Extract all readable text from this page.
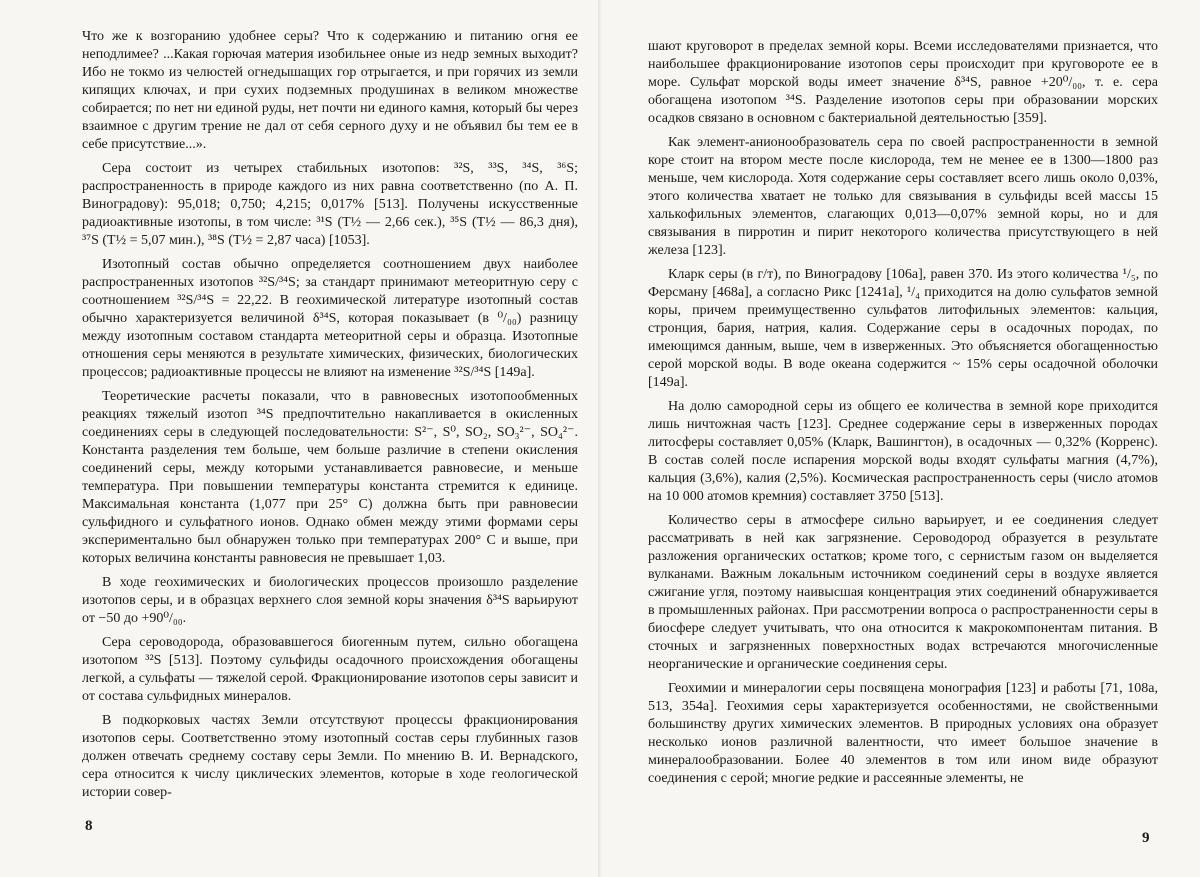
Что же к возгоранию удобнее серы? Что к содержанию и питанию огня ее неподлимее? ...Какая горючая материя изобильнее оные из недр земных выходит? Ибо не токмо из челюстей огнедышащих гор отрыгается, и при горячих из земли кипящих ключах, и при сухих подземных продушинах в великом множестве собирается; по нет ни единой руды, нет почти ни единого камня, который бы через взаимное с другим трение не дал от себя серного духу и не объявил бы тем ее в себе присутствие...».

Сера состоит из четырех стабильных изотопов: ³²S, ³³S, ³⁴S, ³⁶S; распространенность в природе каждого из них равна соответственно (по А. П. Виноградову): 95,018; 0,750; 4,215; 0,017% [513]. Получены искусственные радиоактивные изотопы, в том числе: ³¹S (T½ — 2,66 сек.), ³⁵S (T½ — 86,3 дня), ³⁷S (T½ = 5,07 мин.), ³⁸S (T½ = 2,87 часа) [1053].

Изотопный состав обычно определяется соотношением двух наиболее распространенных изотопов ³²S/³⁴S; за стандарт принимают метеоритную серу с соотношением ³²S/³⁴S = 22,22. В геохимической литературе изотопный состав обычно характеризуется величиной δ³⁴S, которая показывает (в ⁰/₀₀) разницу между изотопным составом стандарта метеоритной серы и образца. Изотопные отношения серы меняются в результате химических, физических, биологических процессов; радиоактивные процессы не влияют на изменение ³²S/³⁴S [149а].

Теоретические расчеты показали, что в равновесных изотопообменных реакциях тяжелый изотоп ³⁴S предпочтительно накапливается в окисленных соединениях серы в следующей последовательности: S²⁻, S⁰, SO₂, SO₃²⁻, SO₄²⁻. Константа разделения тем больше, чем больше различие в степени окисления соединений серы, между которыми устанавливается равновесие, и меньше температура. При повышении температуры константа стремится к единице. Максимальная константа (1,077 при 25° С) должна быть при равновесии сульфидного и сульфатного ионов. Однако обмен между этими формами серы экспериментально был обнаружен только при температурах 200° С и выше, при которых величина константы равновесия не превышает 1,03.

В ходе геохимических и биологических процессов произошло разделение изотопов серы, и в образцах верхнего слоя земной коры значения δ³⁴S варьируют от −50 до +90⁰/₀₀.

Сера сероводорода, образовавшегося биогенным путем, сильно обогащена изотопом ³²S [513]. Поэтому сульфиды осадочного происхождения обогащены легкой, а сульфаты — тяжелой серой. Фракционирование изотопов серы зависит и от состава сульфидных минералов.

В подкорковых частях Земли отсутствуют процессы фракционирования изотопов серы. Соответственно этому изотопный состав серы глубинных газов должен отвечать среднему составу серы Земли. По мнению В. И. Вернадского, сера относится к числу циклических элементов, которые в ходе геологической истории совер-

8

шают круговорот в пределах земной коры. Всеми исследователями признается, что наибольшее фракционирование изотопов серы происходит при круговороте ее в море. Сульфат морской воды имеет значение δ³⁴S, равное +20⁰/₀₀, т. е. сера обогащена изотопом ³⁴S. Разделение изотопов серы при образовании морских осадков связано в основном с бактериальной деятельностью [359].

Как элемент-анионообразователь сера по своей распространенности в земной коре стоит на втором месте после кислорода, тем не менее ее в 1300—1800 раз меньше, чем кислорода. Хотя содержание серы составляет всего лишь около 0,03%, этого количества хватает не только для связывания в сульфиды всей массы 15 халькофильных элементов, слагающих 0,013—0,07% земной коры, но и для связывания в пирротин и пирит некоторого количества присутствующего в ней железа [123].

Кларк серы (в г/т), по Виноградову [106а], равен 370. Из этого количества ¹/₅, по Ферсману [468а], а согласно Рикс [1241а], ¹/₄ приходится на долю сульфатов земной коры, причем преимущественно сульфатов литофильных элементов: кальция, стронция, бария, натрия, калия. Содержание серы в осадочных породах, по имеющимся данным, выше, чем в изверженных. Это объясняется обогащенностью серой морской воды. В воде океана содержится ~ 15% серы осадочной оболочки [149а].

На долю самородной серы из общего ее количества в земной коре приходится лишь ничтожная часть [123]. Среднее содержание серы в изверженных породах литосферы составляет 0,05% (Кларк, Вашингтон), в осадочных — 0,32% (Корренс). В состав солей после испарения морской воды входят сульфаты магния (4,7%), кальция (3,6%), калия (2,5%). Космическая распространенность серы (число атомов на 10 000 атомов кремния) составляет 3750 [513].

Количество серы в атмосфере сильно варьирует, и ее соединения следует рассматривать в ней как загрязнение. Сероводород образуется в результате разложения органических остатков; кроме того, с сернистым газом он выделяется вулканами. Важным локальным источником соединений серы в воздухе является сжигание угля, поэтому наивысшая концентрация этих соединений обнаруживается в промышленных районах. При рассмотрении вопроса о распространенности серы в биосфере следует учитывать, что она относится к макрокомпонентам питания. В сточных и загрязненных поверхностных водах встречаются многочисленные неорганические и органические соединения серы.

Геохимии и минералогии серы посвящена монография [123] и работы [71, 108а, 513, 354а]. Геохимия серы характеризуется особенностями, не свойственными большинству других химических элементов. В природных условиях она образует несколько ионов различной валентности, что имеет большое значение в минералообразовании. Более 40 элементов в том или ином виде образуют соединения с серой; многие редкие и рассеянные элементы, не

9
